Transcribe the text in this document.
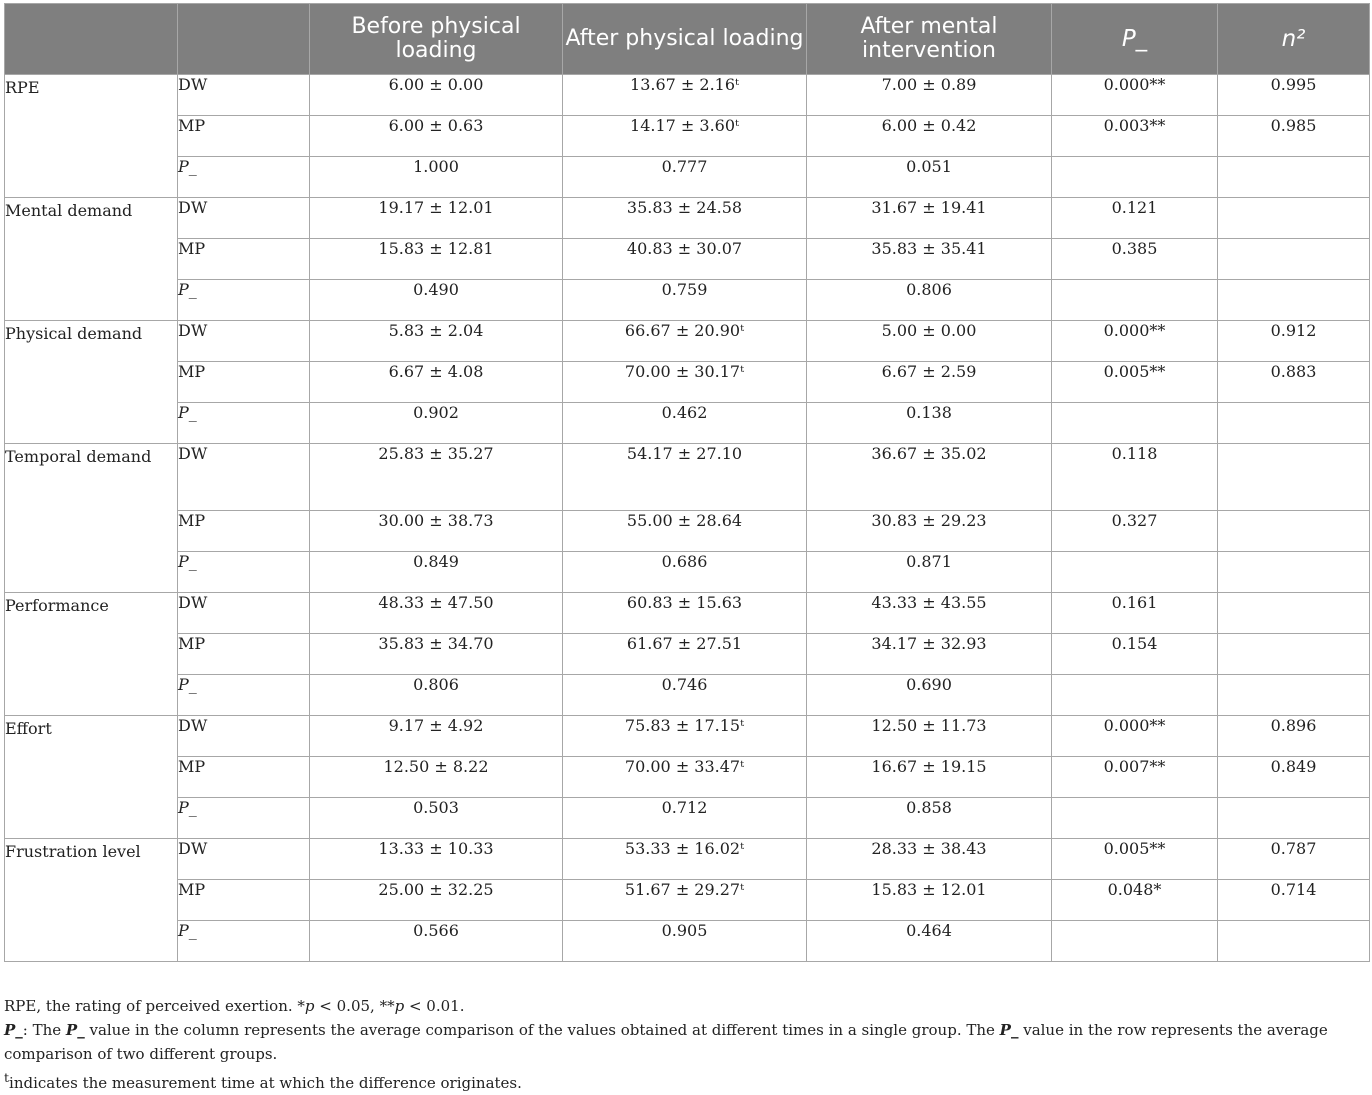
		Before physical loading	After physical loading	After mental intervention	P_	n²
RPE	DW	6.00 ± 0.00	13.67 ± 2.16ᵗ	7.00 ± 0.89	0.000**	0.995
	MP	6.00 ± 0.63	14.17 ± 3.60ᵗ	6.00 ± 0.42	0.003**	0.985
	P_	1.000	0.777	0.051		
Mental demand	DW	19.17 ± 12.01	35.83 ± 24.58	31.67 ± 19.41	0.121	
	MP	15.83 ± 12.81	40.83 ± 30.07	35.83 ± 35.41	0.385	
	P_	0.490	0.759	0.806		
Physical demand	DW	5.83 ± 2.04	66.67 ± 20.90ᵗ	5.00 ± 0.00	0.000**	0.912
	MP	6.67 ± 4.08	70.00 ± 30.17ᵗ	6.67 ± 2.59	0.005**	0.883
	P_	0.902	0.462	0.138		
Temporal demand	DW	25.83 ± 35.27	54.17 ± 27.10	36.67 ± 35.02	0.118	
	MP	30.00 ± 38.73	55.00 ± 28.64	30.83 ± 29.23	0.327	
	P_	0.849	0.686	0.871		
Performance	DW	48.33 ± 47.50	60.83 ± 15.63	43.33 ± 43.55	0.161	
	MP	35.83 ± 34.70	61.67 ± 27.51	34.17 ± 32.93	0.154	
	P_	0.806	0.746	0.690		
Effort	DW	9.17 ± 4.92	75.83 ± 17.15ᵗ	12.50 ± 11.73	0.000**	0.896
	MP	12.50 ± 8.22	70.00 ± 33.47ᵗ	16.67 ± 19.15	0.007**	0.849
	P_	0.503	0.712	0.858		
Frustration level	DW	13.33 ± 10.33	53.33 ± 16.02ᵗ	28.33 ± 38.43	0.005**	0.787
	MP	25.00 ± 32.25	51.67 ± 29.27ᵗ	15.83 ± 12.01	0.048*	0.714
	P_	0.566	0.905	0.464		

RPE, the rating of perceived exertion. *p < 0.05, **p < 0.01.

P_: The P_ value in the column represents the average comparison of the values obtained at different times in a single group. The P_ value in the row represents the average comparison of two different groups.

$^t$indicates the measurement time at which the difference originates.
